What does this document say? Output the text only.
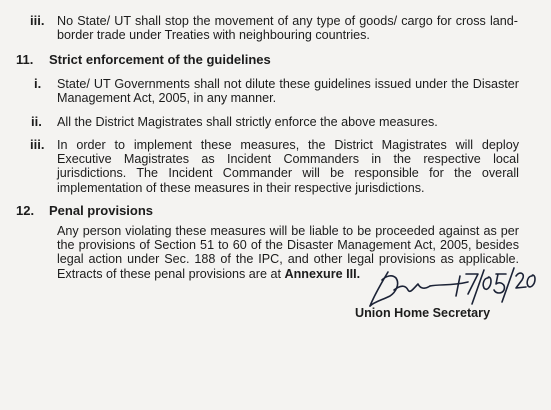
iii. No State/ UT shall stop the movement of any type of goods/ cargo for cross land-border trade under Treaties with neighbouring countries.
11. Strict enforcement of the guidelines
i. State/ UT Governments shall not dilute these guidelines issued under the Disaster Management Act, 2005, in any manner.
ii. All the District Magistrates shall strictly enforce the above measures.
iii. In order to implement these measures, the District Magistrates will deploy Executive Magistrates as Incident Commanders in the respective local jurisdictions. The Incident Commander will be responsible for the overall implementation of these measures in their respective jurisdictions.
12. Penal provisions
Any person violating these measures will be liable to be proceeded against as per the provisions of Section 51 to 60 of the Disaster Management Act, 2005, besides legal action under Sec. 188 of the IPC, and other legal provisions as applicable. Extracts of these penal provisions are at Annexure III.
Union Home Secretary
